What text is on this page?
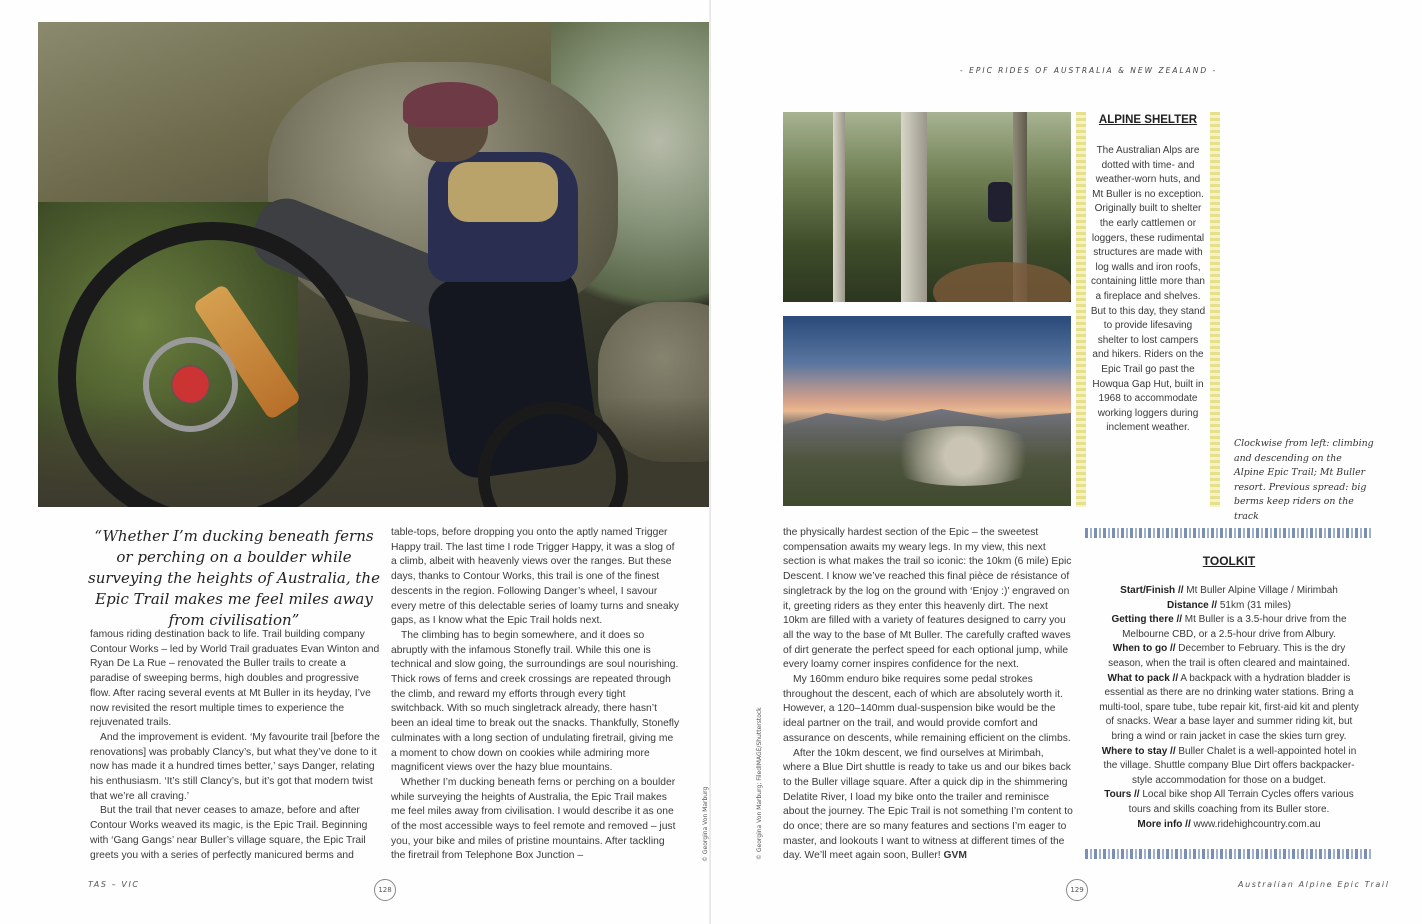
“Whether I’m ducking beneath ferns or perching on a boulder while surveying the heights of Australia, the Epic Trail makes me feel miles away from civilisation”

famous riding destination back to life. Trail building company Contour Works – led by World Trail graduates Evan Winton and Ryan De La Rue – renovated the Buller trails to create a paradise of sweeping berms, high doubles and progressive flow. After racing several events at Mt Buller in its heyday, I’ve now revisited the resort multiple times to experience the rejuvenated trails.

And the improvement is evident. ‘My favourite trail [before the renovations] was probably Clancy’s, but what they’ve done to it now has made it a hundred times better,’ says Danger, relating his enthusiasm. ‘It’s still Clancy’s, but it’s got that modern twist that we’re all craving.’

But the trail that never ceases to amaze, before and after Contour Works weaved its magic, is the Epic Trail. Beginning with ‘Gang Gangs’ near Buller’s village square, the Epic Trail greets you with a series of perfectly manicured berms and

table-tops, before dropping you onto the aptly named Trigger Happy trail. The last time I rode Trigger Happy, it was a slog of a climb, albeit with heavenly views over the ranges. But these days, thanks to Contour Works, this trail is one of the finest descents in the region. Following Danger’s wheel, I savour every metre of this delectable series of loamy turns and sneaky gaps, as I know what the Epic Trail holds next.

The climbing has to begin somewhere, and it does so abruptly with the infamous Stonefly trail. While this one is technical and slow going, the surroundings are soul nourishing. Thick rows of ferns and creek crossings are repeated through the climb, and reward my efforts through every tight switchback. With so much singletrack already, there hasn’t been an ideal time to break out the snacks. Thankfully, Stonefly culminates with a long section of undulating firetrail, giving me a moment to chow down on cookies while admiring more magnificent views over the hazy blue mountains.

Whether I’m ducking beneath ferns or perching on a boulder while surveying the heights of Australia, the Epic Trail makes me feel miles away from civilisation. I would describe it as one of the most accessible ways to feel remote and removed – just you, your bike and miles of pristine mountains. After tackling the firetrail from Telephone Box Junction –	© Georgina Von Marburg
TAS – VIC
128
- EPIC RIDES OF AUSTRALIA & NEW ZEALAND -
© Georgina Von Marburg; FiledIMAGE/Shutterstock
ALPINE SHELTER
The Australian Alps are dotted with time- and weather-worn huts, and Mt Buller is no exception. Originally built to shelter the early cattlemen or loggers, these rudimental structures are made with log walls and iron roofs, containing little more than a fireplace and shelves. But to this day, they stand to provide lifesaving shelter to lost campers and hikers. Riders on the Epic Trail go past the Howqua Gap Hut, built in 1968 to accommodate working loggers during inclement weather.
Clockwise from left: climbing and descending on the Alpine Epic Trail; Mt Buller resort. Previous spread: big berms keep riders on the track

the physically hardest section of the Epic – the sweetest compensation awaits my weary legs. In my view, this next section is what makes the trail so iconic: the 10km (6 mile) Epic Descent. I know we’ve reached this final pièce de résistance of singletrack by the log on the ground with ‘Enjoy :)’ engraved on it, greeting riders as they enter this heavenly dirt. The next 10km are filled with a variety of features designed to carry you all the way to the base of Mt Buller. The carefully crafted waves of dirt generate the perfect speed for each optional jump, while every loamy corner inspires confidence for the next.

My 160mm enduro bike requires some pedal strokes throughout the descent, each of which are absolutely worth it. However, a 120–140mm dual-suspension bike would be the ideal partner on the trail, and would provide comfort and assurance on descents, while remaining efficient on the climbs.

After the 10km descent, we find ourselves at Mirimbah, where a Blue Dirt shuttle is ready to take us and our bikes back to the Buller village square. After a quick dip in the shimmering Delatite River, I load my bike onto the trailer and reminisce about the journey. The Epic Trail is not something I’m content to do once; there are so many features and sections I’m eager to master, and lookouts I want to witness at different times of the day. We’ll meet again soon, Buller! GVM

TOOLKIT
Start/Finish // Mt Buller Alpine Village / Mirimbah
Distance // 51km (31 miles)
Getting there // Mt Buller is a 3.5-hour drive from the Melbourne CBD, or a 2.5-hour drive from Albury.
When to go // December to February. This is the dry season, when the trail is often cleared and maintained.
What to pack // A backpack with a hydration bladder is essential as there are no drinking water stations. Bring a multi-tool, spare tube, tube repair kit, first-aid kit and plenty of snacks. Wear a base layer and summer riding kit, but bring a wind or rain jacket in case the skies turn grey.
Where to stay // Buller Chalet is a well-appointed hotel in the village. Shuttle company Blue Dirt offers backpacker-style accommodation for those on a budget.
Tours // Local bike shop All Terrain Cycles offers various tours and skills coaching from its Buller store.
More info // www.ridehighcountry.com.au
129
Australian Alpine Epic Trail
